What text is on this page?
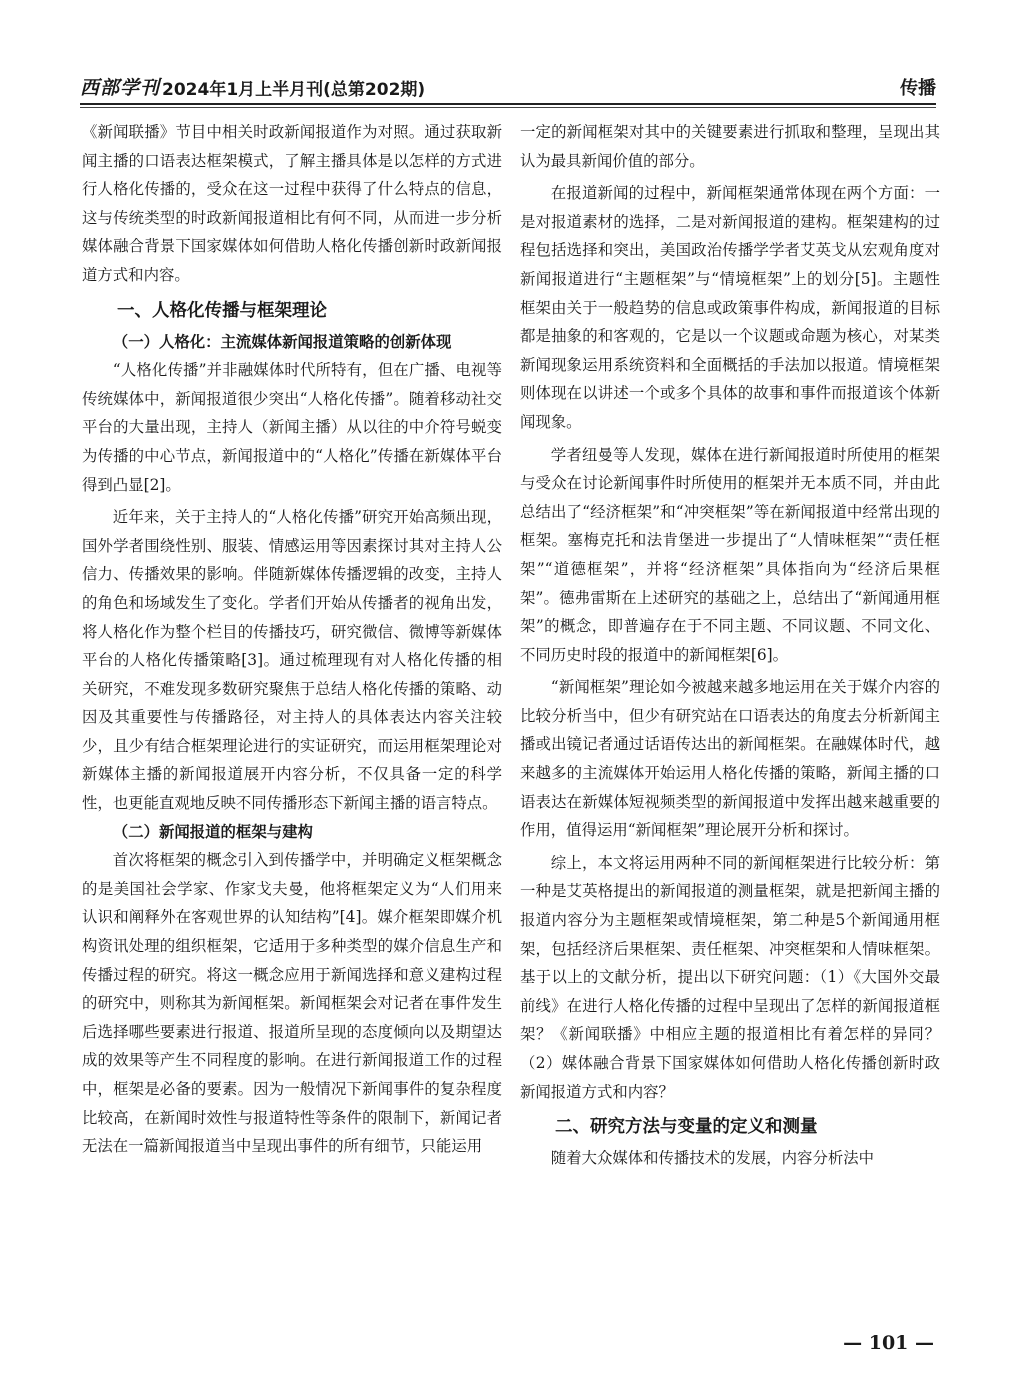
西部学刊 2024年1月上半月刊(总第202期)	传播

《新闻联播》节目中相关时政新闻报道作为对照。通过获取新闻主播的口语表达框架模式，了解主播具体是以怎样的方式进行人格化传播的，受众在这一过程中获得了什么特点的信息，这与传统类型的时政新闻报道相比有何不同，从而进一步分析媒体融合背景下国家媒体如何借助人格化传播创新时政新闻报道方式和内容。

一、人格化传播与框架理论
（一）人格化：主流媒体新闻报道策略的创新体现

“人格化传播”并非融媒体时代所特有，但在广播、电视等传统媒体中，新闻报道很少突出“人格化传播”。随着移动社交平台的大量出现，主持人（新闻主播）从以往的中介符号蜕变为传播的中心节点，新闻报道中的“人格化”传播在新媒体平台得到凸显[2]。

近年来，关于主持人的“人格化传播”研究开始高频出现，国外学者围绕性别、服装、情感运用等因素探讨其对主持人公信力、传播效果的影响。伴随新媒体传播逻辑的改变，主持人的角色和场域发生了变化。学者们开始从传播者的视角出发，将人格化作为整个栏目的传播技巧，研究微信、微博等新媒体平台的人格化传播策略[3]。通过梳理现有对人格化传播的相关研究，不难发现多数研究聚焦于总结人格化传播的策略、动因及其重要性与传播路径，对主持人的具体表达内容关注较少，且少有结合框架理论进行的实证研究，而运用框架理论对新媒体主播的新闻报道展开内容分析，不仅具备一定的科学性，也更能直观地反映不同传播形态下新闻主播的语言特点。

（二）新闻报道的框架与建构

首次将框架的概念引入到传播学中，并明确定义框架概念的是美国社会学家、作家戈夫曼，他将框架定义为“人们用来认识和阐释外在客观世界的认知结构”[4]。媒介框架即媒介机构资讯处理的组织框架，它适用于多种类型的媒介信息生产和传播过程的研究。将这一概念应用于新闻选择和意义建构过程的研究中，则称其为新闻框架。新闻框架会对记者在事件发生后选择哪些要素进行报道、报道所呈现的态度倾向以及期望达成的效果等产生不同程度的影响。在进行新闻报道工作的过程中，框架是必备的要素。因为一般情况下新闻事件的复杂程度比较高，在新闻时效性与报道特性等条件的限制下，新闻记者无法在一篇新闻报道当中呈现出事件的所有细节，只能运用

一定的新闻框架对其中的关键要素进行抓取和整理，呈现出其认为最具新闻价值的部分。

在报道新闻的过程中，新闻框架通常体现在两个方面：一是对报道素材的选择，二是对新闻报道的建构。框架建构的过程包括选择和突出，美国政治传播学学者艾英戈从宏观角度对新闻报道进行“主题框架”与“情境框架”上的划分[5]。主题性框架由关于一般趋势的信息或政策事件构成，新闻报道的目标都是抽象的和客观的，它是以一个议题或命题为核心，对某类新闻现象运用系统资料和全面概括的手法加以报道。情境框架则体现在以讲述一个或多个具体的故事和事件而报道该个体新闻现象。

学者纽曼等人发现，媒体在进行新闻报道时所使用的框架与受众在讨论新闻事件时所使用的框架并无本质不同，并由此总结出了“经济框架”和“冲突框架”等在新闻报道中经常出现的框架。塞梅克托和法肯堡进一步提出了“人情味框架”“责任框架”“道德框架”，并将“经济框架”具体指向为“经济后果框架”。德弗雷斯在上述研究的基础之上，总结出了“新闻通用框架”的概念，即普遍存在于不同主题、不同议题、不同文化、不同历史时段的报道中的新闻框架[6]。

“新闻框架”理论如今被越来越多地运用在关于媒介内容的比较分析当中，但少有研究站在口语表达的角度去分析新闻主播或出镜记者通过话语传达出的新闻框架。在融媒体时代，越来越多的主流媒体开始运用人格化传播的策略，新闻主播的口语表达在新媒体短视频类型的新闻报道中发挥出越来越重要的作用，值得运用“新闻框架”理论展开分析和探讨。

综上，本文将运用两种不同的新闻框架进行比较分析：第一种是艾英格提出的新闻报道的测量框架，就是把新闻主播的报道内容分为主题框架或情境框架，第二种是5个新闻通用框架，包括经济后果框架、责任框架、冲突框架和人情味框架。基于以上的文献分析，提出以下研究问题：（1）《大国外交最前线》在进行人格化传播的过程中呈现出了怎样的新闻报道框架？《新闻联播》中相应主题的报道相比有着怎样的异同？（2）媒体融合背景下国家媒体如何借助人格化传播创新时政新闻报道方式和内容？

二、研究方法与变量的定义和测量

随着大众媒体和传播技术的发展，内容分析法中

— 101 —
